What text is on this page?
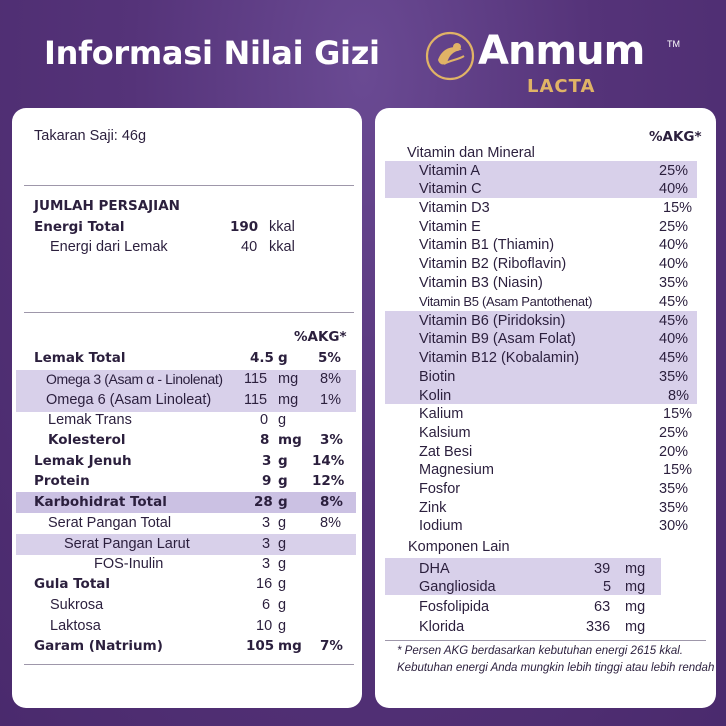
Informasi Nilai Gizi Anmum	TM
LACTA
Takaran Saji: 46g
JUMLAH PERSAJIAN
Energi Total	190 kkal
Energi dari Lemak	40 kkal
%AKG*
Lemak Total	4.5 g 5%
Omega 3 (Asam α - Linolenat) 115 mg 8%
Omega 6 (Asam Linoleat) 115 mg 1%
Lemak Trans	0 g
Kolesterol	8 mg 3%
Lemak Jenuh	3 g 14%
Protein	9 g 12%
Karbohidrat Total	28 g 8%
Serat Pangan Total	3 g 8%
Serat Pangan Larut	3 g
FOS-Inulin	3 g
Gula Total	16 g
Sukrosa	6 g
Laktosa	10 g
Garam (Natrium)	105 mg 7%
%AKG*
Vitamin dan Mineral
Vitamin A	25%
Vitamin C	40%
Vitamin D3	15%
Vitamin E	25%
Vitamin B1 (Thiamin)	40%
Vitamin B2 (Riboflavin)	40%
Vitamin B3 (Niasin)	35%
Vitamin B5 (Asam Pantothenat)	45%
Vitamin B6 (Piridoksin)	45%
Vitamin B9 (Asam Folat)	40%
Vitamin B12 (Kobalamin)	45%
Biotin	35%
Kolin	8%
Kalium	15%
Kalsium	25%
Zat Besi	20%
Magnesium	15%
Fosfor	35%
Zink	35%
Iodium	30%
Komponen Lain
DHA	39 mg
Gangliosida	5 mg
Fosfolipida	63 mg
Klorida	336 mg
* Persen AKG berdasarkan kebutuhan energi 2615 kkal. Kebutuhan energi Anda mungkin lebih tinggi atau lebih rendah
